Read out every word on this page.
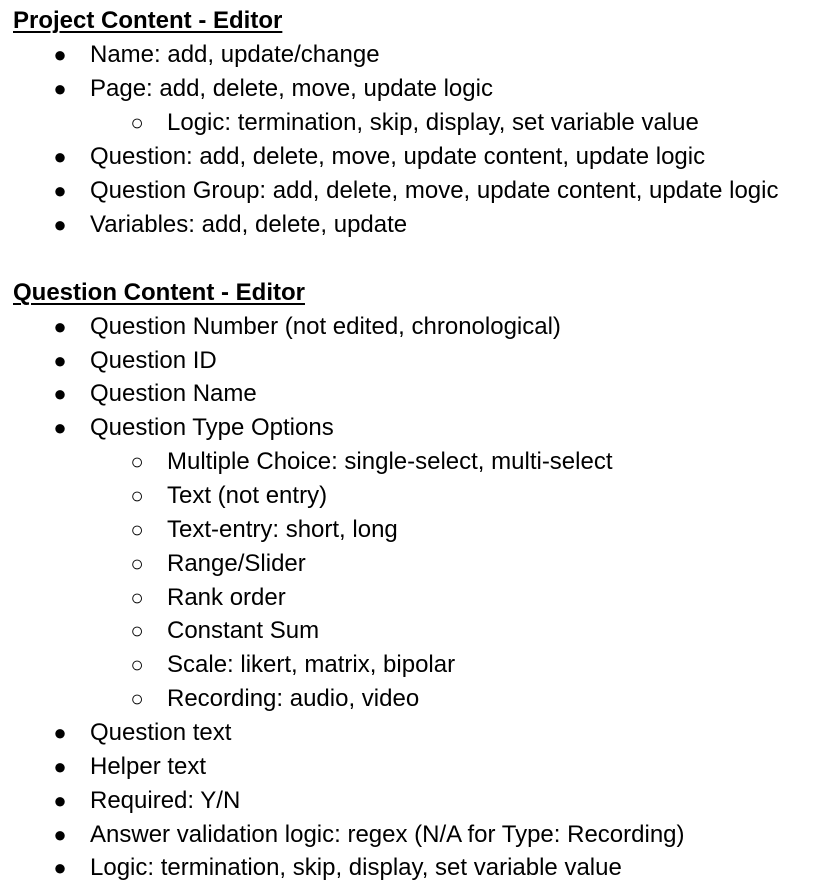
Project Content - Editor
● Name: add, update/change
● Page: add, delete, move, update logic
○ Logic: termination, skip, display, set variable value
● Question: add, delete, move, update content, update logic
● Question Group: add, delete, move, update content, update logic
● Variables: add, delete, update
Question Content - Editor
● Question Number (not edited, chronological)
● Question ID
● Question Name
● Question Type Options
○ Multiple Choice: single-select, multi-select
○ Text (not entry)
○ Text-entry: short, long
○ Range/Slider
○ Rank order
○ Constant Sum
○ Scale: likert, matrix, bipolar
○ Recording: audio, video
● Question text
● Helper text
● Required: Y/N
● Answer validation logic: regex (N/A for Type: Recording)
● Logic: termination, skip, display, set variable value
